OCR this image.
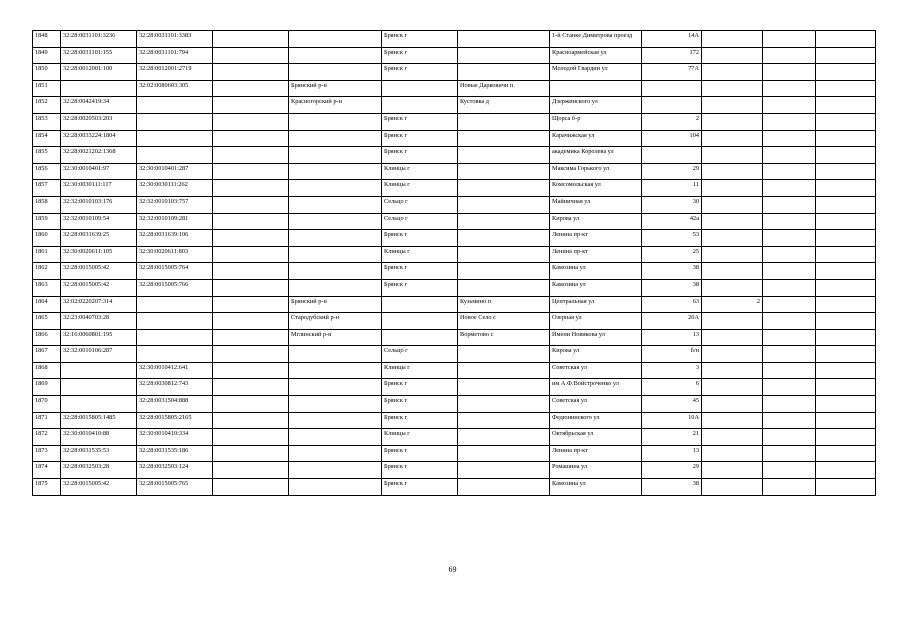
1848	32:28:0031101:3236	32:28:0031101:3383			Брянск г		1-й Станке Димитрова проезд	14А			
1849	32:28:0031101:155	32:28:0031101:794			Брянск г		Красноармейская ул	172			
1850	32:28:0012001:100	32:28:0012001:2719			Брянск г		Молодой Гвардии ул	77А			
1851		32:02:0080603:305		Брянский р-н		Новые Дарковичи п					
1852	32:28:0042419:34			Красногорский р-н		Кустовка д	Дзержинского ул				
1853	32:28:0020503:203				Брянск г		Щорса б-р	2			
1854	32:28:0033224:1804				Брянск г		Карачижская ул	104			
1855	32:28:0021202:1368				Брянск г		академика Королева ул				
1856	32:30:0010401:97	32:30:0010401:287			Клинцы г		Максима Горького ул	29			
1857	32:30:0030111:117	32:30:0030111:262			Клинцы г		Комсомольская ул	11			
1858	32:32:0010103:176	32:32:0010103:757			Сельцо г		Майничная ул	30			
1859	32:32:0010109:54	32:32:0010109:281			Сельцо г		Кирова ул	42а			
1860	32:28:0031639:25	32:28:0031639:106			Брянск г		Ленина пр-кт	53			
1861	32:30:0020611:105	32:30:0020611:803			Клинцы г		Ленина пр-кт	25			
1862	32:28:0015005:42	32:28:0015005:764			Брянск г		Камозина ул	38			
1863	32:28:0015005:42	32:28:0015005:766			Брянск г		Камозина ул	38			
1864	32:02:0220207:314			Брянский р-н		Кузьмино п	Центральная ул	63	2		
1865	32:23:0040703:28			Стародубский р-н		Новое Село с	Озерная ул	20А			
1866	32:16:0060801:195			Мглинский р-н		Ворметово с	Имени Новикова ул	13			
1867	32:32:0010106:287				Сельцо г		Кирова ул	б/н			
1868		32:30:0010412:641			Клинцы г		Советская ул	3			
1869		32:28:0030812:743			Брянск г		им А.Ф.Войстроченко ул	6			
1870		32:28:0031504:888			Брянск г		Советская ул	45			
1871	32:28:0015805:1485	32:28:0015805:2165			Брянск г		Федюнинского ул	10А			
1872	32:30:0010410:88	32:30:0010410:334			Клинцы г		Октябрьская ул	21			
1873	32:28:0031535:53	32:28:0031535:186			Брянск г		Ленина пр-кт	13			
1874	32:28:0032503:28	32:28:0032503:124			Брянск г		Ромашина ул	29			
1875	32:28:0015005:42	32:28:0015005:765			Брянск г		Камозина ул	38			
69
